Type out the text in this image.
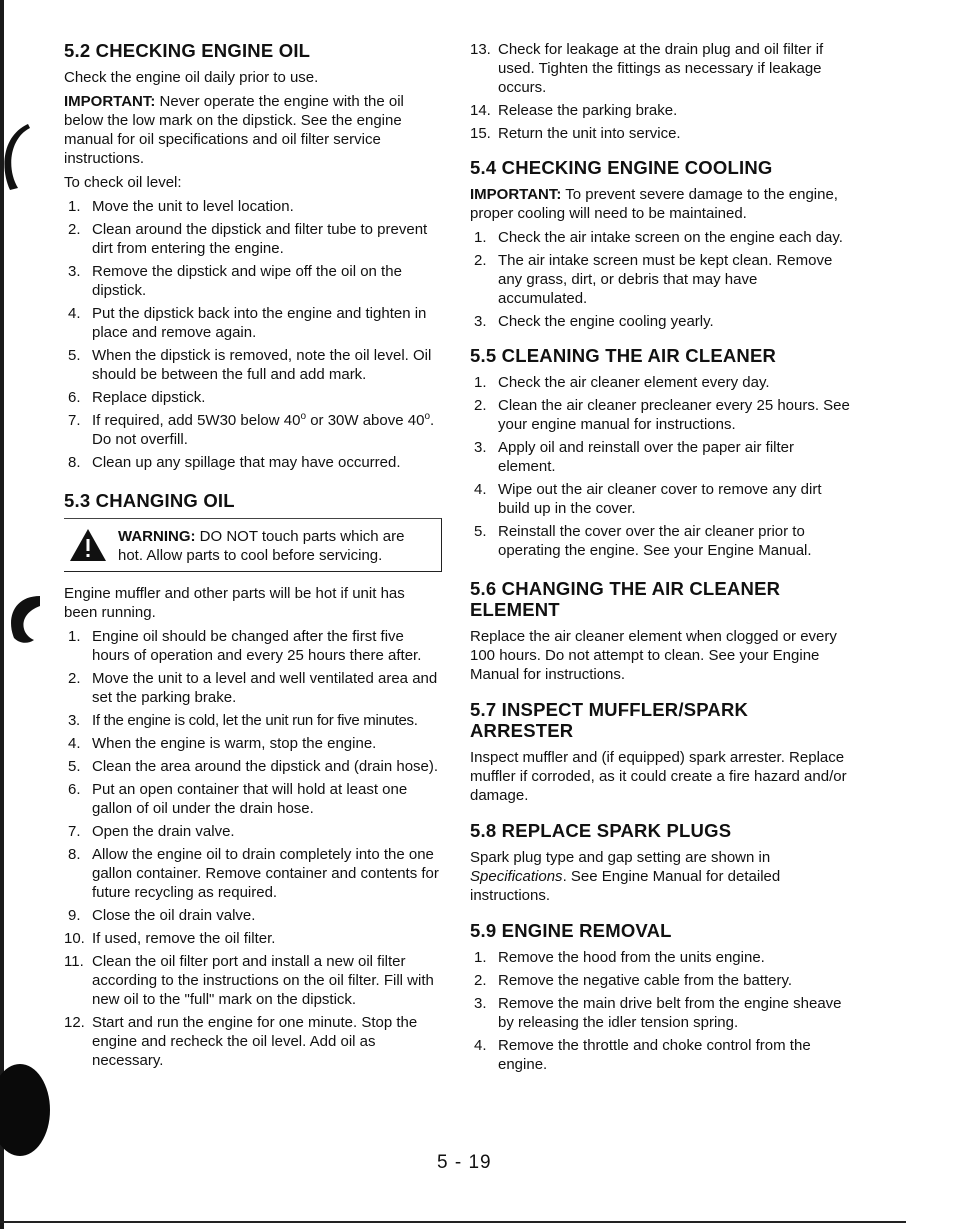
5.2 CHECKING ENGINE OIL

Check the engine oil daily prior to use.

IMPORTANT: Never operate the engine with the oil below the low mark on the dipstick. See the engine manual for oil specifications and oil filter service instructions.

To check oil level:

1. Move the unit to level location.
2. Clean around the dipstick and filter tube to prevent dirt from entering the engine.
3. Remove the dipstick and wipe off the oil on the dipstick.
4. Put the dipstick back into the engine and tighten in place and remove again.
5. When the dipstick is removed, note the oil level. Oil should be between the full and add mark.
6. Replace dipstick.
7. If required, add 5W30 below 40$^o$ or 30W above 40$^o$. Do not overfill.
8. Clean up any spillage that may have occurred.
5.3 CHANGING OIL
WARNING: DO NOT touch parts which are hot. Allow parts to cool before servicing.

Engine muffler and other parts will be hot if unit has been running.

1. Engine oil should be changed after the first five hours of operation and every 25 hours there after.
2. Move the unit to a level and well ventilated area and set the parking brake.
3. If the engine is cold, let the unit run for five minutes.
4. When the engine is warm, stop the engine.
5. Clean the area around the dipstick and (drain hose).
6. Put an open container that will hold at least one gallon of oil under the drain hose.
7. Open the drain valve.
8. Allow the engine oil to drain completely into the one gallon container. Remove container and contents for future recycling as required.
9. Close the oil drain valve.
10. If used, remove the oil filter.
11. Clean the oil filter port and install a new oil filter according to the instructions on the oil filter. Fill with new oil to the "full" mark on the dipstick.
12. Start and run the engine for one minute. Stop the engine and recheck the oil level. Add oil as necessary.
13. Check for leakage at the drain plug and oil filter if used. Tighten the fittings as necessary if leakage occurs.
14. Release the parking brake.
15. Return the unit into service.
5.4 CHECKING ENGINE COOLING

IMPORTANT: To prevent severe damage to the engine, proper cooling will need to be maintained.

1. Check the air intake screen on the engine each day.
2. The air intake screen must be kept clean. Remove any grass, dirt, or debris that may have accumulated.
3. Check the engine cooling yearly.
5.5 CLEANING THE AIR CLEANER
1. Check the air cleaner element every day.
2. Clean the air cleaner precleaner every 25 hours. See your engine manual for instructions.
3. Apply oil and reinstall over the paper air filter element.
4. Wipe out the air cleaner cover to remove any dirt build up in the cover.
5. Reinstall the cover over the air cleaner prior to operating the engine. See your Engine Manual.
5.6 CHANGING THE AIR CLEANER ELEMENT

Replace the air cleaner element when clogged or every 100 hours. Do not attempt to clean. See your Engine Manual for instructions.

5.7 INSPECT MUFFLER/SPARK ARRESTER

Inspect muffler and (if equipped) spark arrester. Replace muffler if corroded, as it could create a fire hazard and/or damage.

5.8 REPLACE SPARK PLUGS

Spark plug type and gap setting are shown in Specifications. See Engine Manual for detailed instructions.

5.9 ENGINE REMOVAL
1. Remove the hood from the units engine.
2. Remove the negative cable from the battery.
3. Remove the main drive belt from the engine sheave by releasing the idler tension spring.
4. Remove the throttle and choke control from the engine.
5 - 19
